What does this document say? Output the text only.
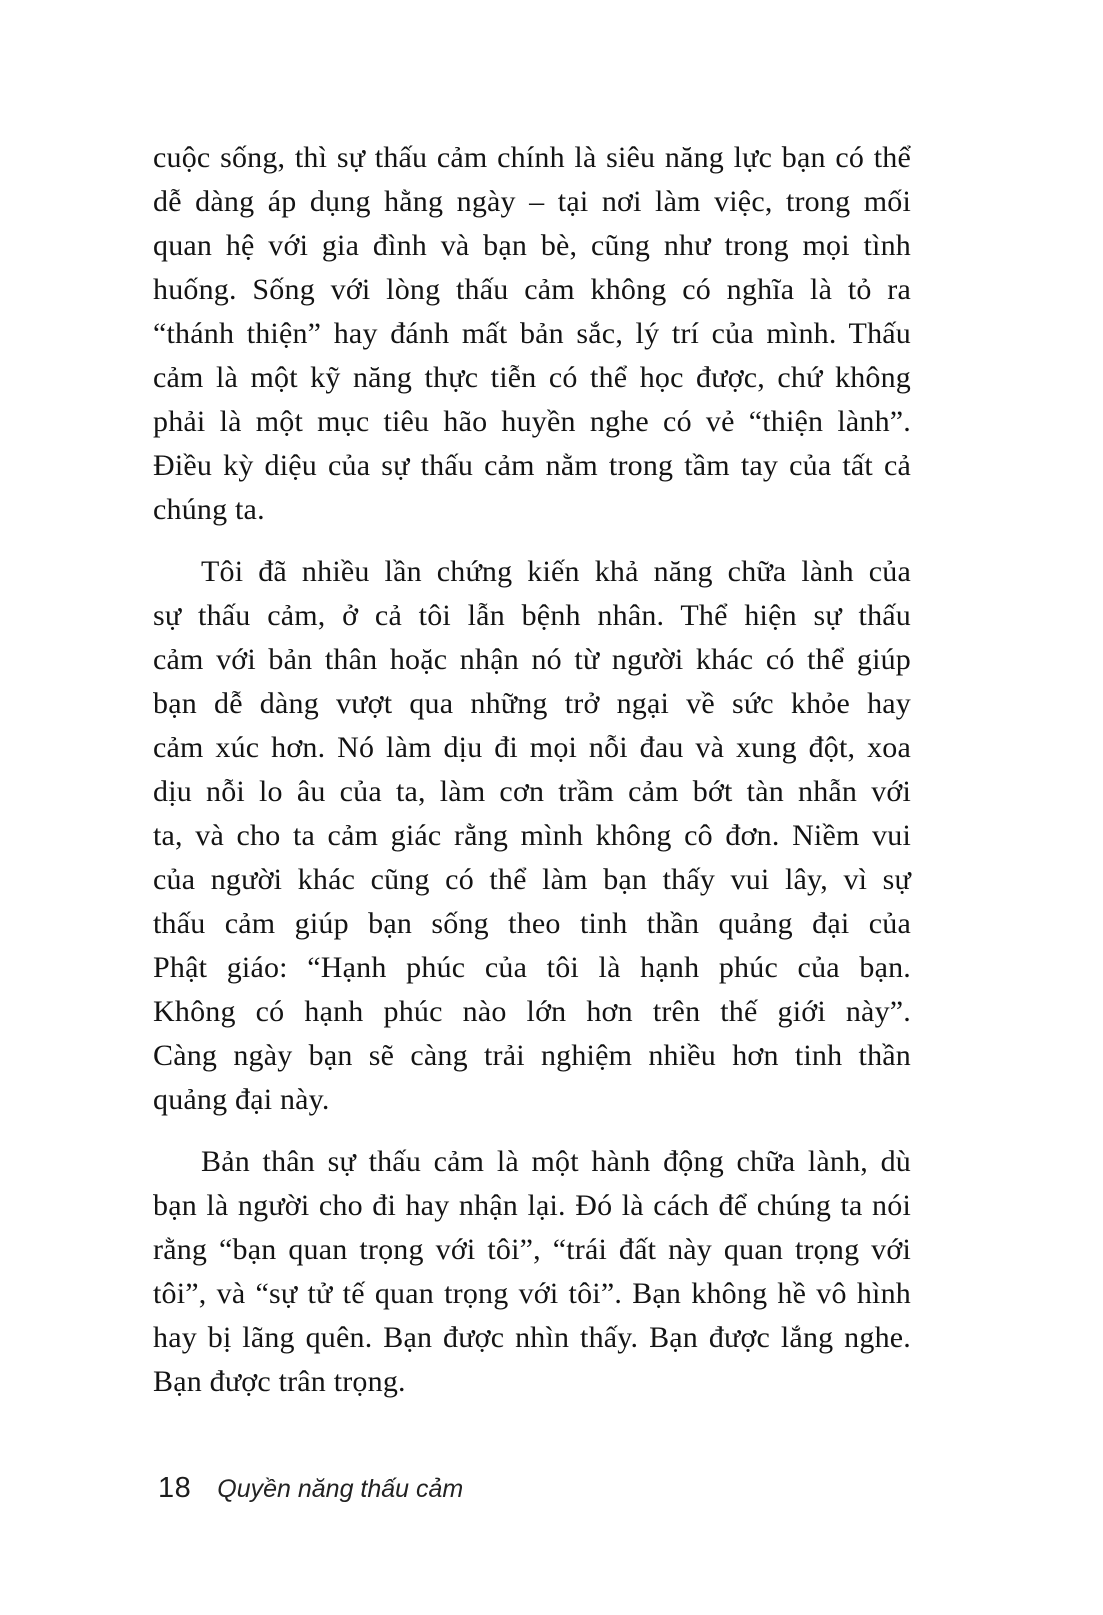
cuộc sống, thì sự thấu cảm chính là siêu năng lực bạn có thể
dễ dàng áp dụng hằng ngày – tại nơi làm việc, trong mối
quan hệ với gia đình và bạn bè, cũng như trong mọi tình
huống. Sống với lòng thấu cảm không có nghĩa là tỏ ra
“thánh thiện” hay đánh mất bản sắc, lý trí của mình. Thấu
cảm là một kỹ năng thực tiễn có thể học được, chứ không
phải là một mục tiêu hão huyền nghe có vẻ “thiện lành”.
Điều kỳ diệu của sự thấu cảm nằm trong tầm tay của tất cả
chúng ta.
Tôi đã nhiều lần chứng kiến khả năng chữa lành của
sự thấu cảm, ở cả tôi lẫn bệnh nhân. Thể hiện sự thấu
cảm với bản thân hoặc nhận nó từ người khác có thể giúp
bạn dễ dàng vượt qua những trở ngại về sức khỏe hay
cảm xúc hơn. Nó làm dịu đi mọi nỗi đau và xung đột, xoa
dịu nỗi lo âu của ta, làm cơn trầm cảm bớt tàn nhẫn với
ta, và cho ta cảm giác rằng mình không cô đơn. Niềm vui
của người khác cũng có thể làm bạn thấy vui lây, vì sự
thấu cảm giúp bạn sống theo tinh thần quảng đại của
Phật giáo: “Hạnh phúc của tôi là hạnh phúc của bạn.
Không có hạnh phúc nào lớn hơn trên thế giới này”.
Càng ngày bạn sẽ càng trải nghiệm nhiều hơn tinh thần
quảng đại này.
Bản thân sự thấu cảm là một hành động chữa lành, dù
bạn là người cho đi hay nhận lại. Đó là cách để chúng ta nói
rằng “bạn quan trọng với tôi”, “trái đất này quan trọng với
tôi”, và “sự tử tế quan trọng với tôi”. Bạn không hề vô hình
hay bị lãng quên. Bạn được nhìn thấy. Bạn được lắng nghe.
Bạn được trân trọng.
18 Quyền năng thấu cảm
